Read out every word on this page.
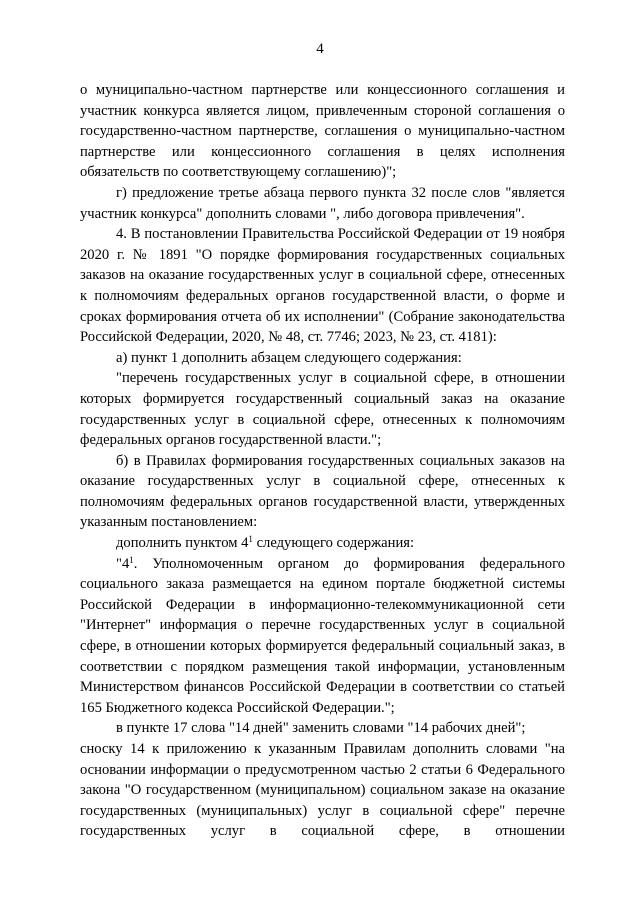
4

о муниципально-частном партнерстве или концессионного соглашения и участник конкурса является лицом, привлеченным стороной соглашения о государственно-частном партнерстве, соглашения о муниципально-частном партнерстве или концессионного соглашения в целях исполнения обязательств по соответствующему соглашению)";

г) предложение третье абзаца первого пункта 32 после слов "является участник конкурса" дополнить словами ", либо договора привлечения".

4. В постановлении Правительства Российской Федерации от 19 ноября 2020 г. № 1891 "О порядке формирования государственных социальных заказов на оказание государственных услуг в социальной сфере, отнесенных к полномочиям федеральных органов государственной власти, о форме и сроках формирования отчета об их исполнении" (Собрание законодательства Российской Федерации, 2020, № 48, ст. 7746; 2023, № 23, ст. 4181):

а) пункт 1 дополнить абзацем следующего содержания:

"перечень государственных услуг в социальной сфере, в отношении которых формируется государственный социальный заказ на оказание государственных услуг в социальной сфере, отнесенных к полномочиям федеральных органов государственной власти.";

б) в Правилах формирования государственных социальных заказов на оказание государственных услуг в социальной сфере, отнесенных к полномочиям федеральных органов государственной власти, утвержденных указанным постановлением:

дополнить пунктом $4^1$ следующего содержания:

"$4^1$. Уполномоченным органом до формирования федерального социального заказа размещается на едином портале бюджетной системы Российской Федерации в информационно-телекоммуникационной сети "Интернет" информация о перечне государственных услуг в социальной сфере, в отношении которых формируется федеральный социальный заказ, в соответствии с порядком размещения такой информации, установленным Министерством финансов Российской Федерации в соответствии со статьей 165 Бюджетного кодекса Российской Федерации.";

в пункте 17 слова "14 дней" заменить словами "14 рабочих дней";

сноску 14 к приложению к указанным Правилам дополнить словами "на основании информации о предусмотренном частью 2 статьи 6 Федерального закона "О государственном (муниципальном) социальном заказе на оказание государственных (муниципальных) услуг в социальной сфере" перечне государственных услуг в социальной сфере, в отношении
